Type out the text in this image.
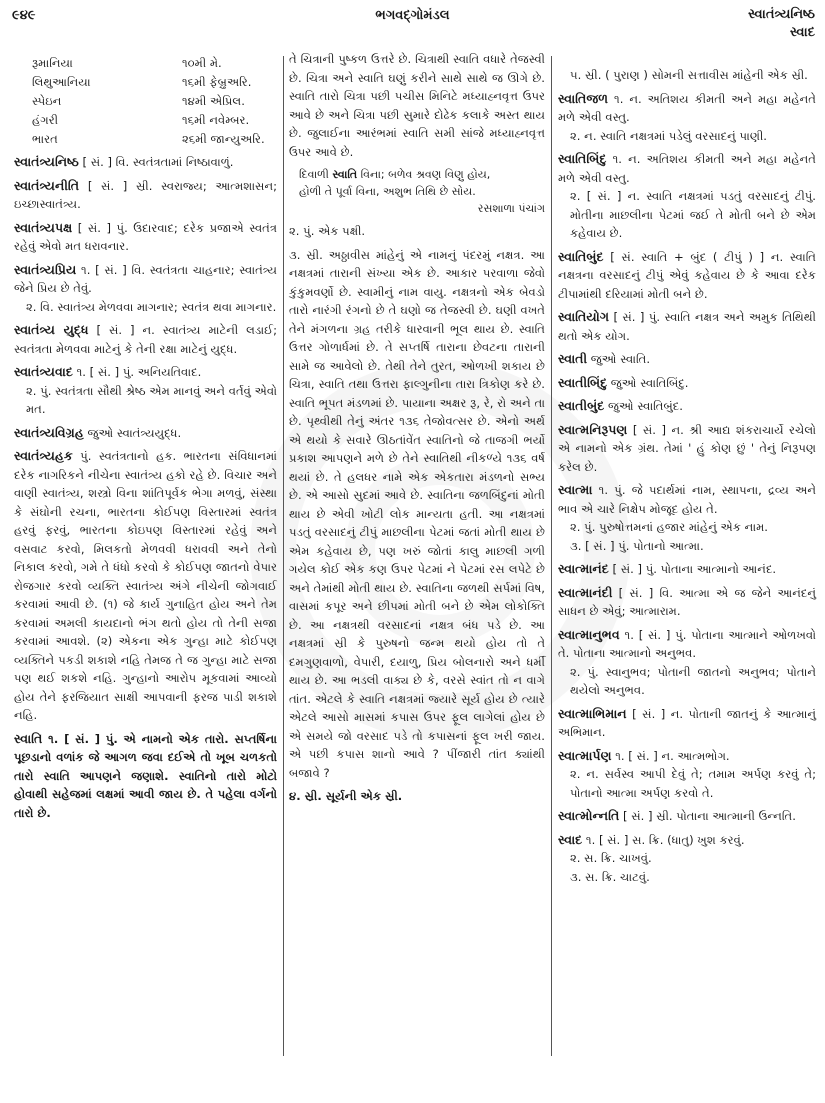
૯૪૯	ભગવદ્ગોમંડલ	સ્વાતંત્ર્યનિષ્ઠ
સ્વાદ
રૂમાનિયા	૧૦મી મે.
લિથુઆનિયા	૧૬મી ફેબ્રુઅરિ.
સ્પેઇન	૧૪મી એપ્રિલ.
હંગરી	૧૬મી નવેમ્બર.
ભારત	૨૬મી જાન્યુઅરિ.
સ્વાતંત્ર્યનિષ્ઠ [ સં. ] વિ. સ્વતંત્રતામાં નિષ્ઠાવાળું.
સ્વાતંત્ર્યનીતિ [ સં. ] સ્રી. સ્વરાજ્ય; આત્મશાસન; ઇચ્છાસ્વાતંત્ર્ય.
સ્વાતંત્ર્યપક્ષ [ સં. ] પું. ઉદારવાદ; દરેક પ્રજાએ સ્વતંત્ર રહેવું એવો મત ધરાવનાર.
સ્વાતંત્ર્યપ્રિય ૧. [ સં. ] વિ. સ્વતંત્રતા ચાહનાર; સ્વાતંત્ર્ય જેને પ્રિય છે તેવું.
૨. વિ. સ્વાતંત્ર્ય મેળવવા માગનાર; સ્વતંત્ર થવા માગનાર.
સ્વાતંત્ર્ય યુદ્ધ [ સં. ] ન. સ્વાતંત્ર્ય માટેની લડાઈ; સ્વતંત્રતા મેળવવા માટેનું કે તેની રક્ષા માટેનું યુદ્ધ.
સ્વાતંત્ર્યવાદ ૧. [ સં. ] પું. અનિયતિવાદ.
૨. પું. સ્વતંત્રતા સૌથી શ્રેષ્ઠ એમ માનવું અને વર્તવું એવો મત.
સ્વાતંત્ર્યવિગ્રહ જુઓ સ્વાતંત્ર્યયુદ્ધ.
સ્વાતંત્ર્યહક પું. સ્વતંત્રતાનો હક. ભારતના સંવિધાનમાં દરેક નાગરિકને નીચેના સ્વાતંત્ર્ય હકો રહે છે. વિચાર અને વાણી સ્વાતંત્ર્ય, શસ્ત્રો વિના શાંતિપૂર્વક ભેગા મળવું, સંસ્થા કે સંઘોની રચના, ભારતના કોઈપણ વિસ્તારમાં સ્વતંત્ર હરવું ફરવું, ભારતના કોઇપણ વિસ્તારમાં રહેવું અને વસવાટ કરવો, મિલકતો મેળવવી ધરાવવી અને તેનો નિકાલ કરવો, ગમે તે ધંધો કરવો કે કોઈપણ જાતનો વેપાર રોજગાર કરવો વ્યક્તિ સ્વાતંત્ર્ય અંગે નીચેની જોગવાઈ કરવામાં આવી છે. (૧) જે કાર્ય ગુનાહિત હોય અને તેમ કરવામાં અમલી કાયદાનો ભંગ થતો હોય તો તેની સજા કરવામાં આવશે. (૨) એકના એક ગુન્હા માટે કોઈપણ વ્યક્તિને પકડી શકાશે નહિ તેમજ તે જ ગુન્હા માટે સજા પણ થઈ શકશે નહિ. ગુન્હાનો આરોપ મૂકવામાં આવ્યો હોય તેને ફરજિયાત સાક્ષી આપવાની ફરજ પાડી શકાશે નહિ.
સ્વાતિ ૧. [ સં. ] પું. એ નામનો એક તારો. સપ્તર્ષિના પૂછડાનો વળાંક જે આગળ જવા દઈએ તો ખૂબ ચળકતો તારો સ્વાતિ આપણને જણાશે. સ્વાતિનો તારો મોટો હોવાથી સહેજમાં લક્ષમાં આવી જાય છે. તે પહેલા વર્ગનો તારો છે.
તે ચિત્રાની પુષ્કળ ઉત્તરે છે. ચિત્રાથી સ્વાતિ વધારે તેજસ્વી છે. ચિત્રા અને સ્વાતિ ઘણું કરીને સાથે સાથે જ ઊગે છે. સ્વાતિ તારો ચિત્રા પછી પચીસ મિનિટે મધ્યાહ્નવૃત્ત ઉપર આવે છે અને ચિત્રા પછી સુમારે દોઢેક કલાકે અસ્ત થાય છે. જુલાઈના આરંભમાં સ્વાતિ સમી સાંજે મધ્યાહ્નવૃત્ત ઉપર આવે છે.
દિવાળી સ્વાતિ વિના; બળેવ શ્રવણ વિણુ હોય,
હોળી તે પૂર્વા વિના, અશુભ તિથિ છે સોય.
રસશાળા પંચાંગ
૨. પું. એક પક્ષી.
૩. સ્રી. અઠ્ઠાવીસ માંહેનું એ નામનું પંદરમું નક્ષત્ર. આ નક્ષત્રમાં તારાની સંખ્યા એક છે. આકાર પરવાળા જેવો કુંકુમવર્ણો છે. સ્વામીનું નામ વાયુ. નક્ષત્રનો એક બેવડો તારો નારંગી રંગનો છે તે ઘણો જ તેજસ્વી છે. ઘણી વખતે તેને મંગળના ગ્રહ તરીકે ધારવાની ભૂલ થાય છે. સ્વાતિ ઉત્તર ગોળાર્ધમાં છે. તે સપ્તર્ષિ તારાના છેવટના તારાની સામે જ આવેલો છે. તેથી તેને તુરત, ઓળખી શકાય છે ચિત્રા, સ્વાતિ તથા ઉત્તરા ફાલ્ગુનીના તારા ત્રિકોણ કરે છે. સ્વાતિ ભૂપત મંડળમાં છે. પાયાના અક્ષર રૂ, રે, રો અને તા છે. પૃથ્વીથી તેનું અંતર ૧૩૬ તેજોવત્સર છે. એનો અર્થ એ થયો કે સવારે ઊઠતાંવેંત સ્વાતિનો જે તાજગી ભર્યો પ્રકાશ આપણને મળે છે તેને સ્વાતિથી નીકળ્યે ૧૩૬ વર્ષ થયાં છે. તે હલધર નામે એક એકતારા મંડળનો સભ્ય છે. એ આસો સુદમાં આવે છે. સ્વાતિના જળબિંદુનાં મોતી થાય છે એવી ખોટી લોક માન્યતા હતી. આ નક્ષત્રમાં પડતું વરસાદનું ટીપું માછલીના પેટમાં જતાં મોતી થાય છે એમ કહેવાય છે, પણ ખરું જોતાં કાલુ માછલી ગળી ગયેલ કોઈ એક કણ ઉપર પેટમાં ને પેટમાં રસ લપેટે છે અને તેમાંથી મોતી થાય છે. સ્વાતિના જળથી સર્પમાં વિષ, વાસમાં કપૂર અને છીપમાં મોતી બને છે એમ લોકોક્તિ છે. આ નક્ષત્રથી વરસાદનાં નક્ષત્ર બંધ પડે છે. આ નક્ષત્રમાં સ્રી કે પુરુષનો જન્મ થયો હોય તો તે દમગુણવાળો, વેપારી, દયાળુ, પ્રિય બોલનારો અને ધર્મી થાય છે. આ ભડલી વાક્ય છે કે, વરસે સ્વાંત તો ન વાગે તાંત. એટલે કે સ્વાતિ નક્ષત્રમાં જ્યારે સૂર્ય હોય છે ત્યારે એટલે આસો માસમાં કપાસ ઉપર ફૂલ લાગેલાં હોય છે એ સમયે જો વરસાદ પડે તો કપાસનાં ફૂલ ખરી જાય. એ પછી કપાસ શાનો આવે ? પીંજારી તાંત ક્યાંથી બજાવે ?
૪. સ્રી. સૂર્યની એક સ્રી.
૫. સ્રી. ( પુરાણ ) સોમની સત્તાવીસ માંહેની એક સ્રી.
સ્વાતિજળ ૧. ન. અતિશય કીમતી અને મહા મહેનતે મળે એવી વસ્તુ.
૨. ન. સ્વાતિ નક્ષત્રમાં પડેલું વરસાદનું પાણી.
સ્વાતિબિંદુ ૧. ન. અતિશય કીમતી અને મહા મહેનતે મળે એવી વસ્તુ.
૨. [ સં. ] ન. સ્વાતિ નક્ષત્રમાં પડતું વરસાદનું ટીપું. મોતીના માછલીના પેટમાં જઈ તે મોતી બને છે એમ કહેવાય છે.
સ્વાતિબુંદ [ સં. સ્વાતિ + બુંદ ( ટીપું ) ] ન. સ્વાતિ નક્ષત્રના વરસાદનું ટીપું એવું કહેવાય છે કે આવા દરેક ટીપામાંથી દરિયામાં મોતી બને છે.
સ્વાતિયોગ [ સં. ] પું. સ્વાતિ નક્ષત્ર અને અમુક તિથિથી થતો એક યોગ.
સ્વાતી જુઓ સ્વાતિ.
સ્વાતીબિંદુ જુઓ સ્વાતિબિંદુ.
સ્વાતીબુંદ જુઓ સ્વાતિબુંદ.
સ્વાત્મનિરૂપણ [ સં. ] ન. શ્રી આદ્ય શંકરાચાર્યે રચેલો એ નામનો એક ગ્રંથ. તેમાં ' હું કોણ છું ' તેનું નિરૂપણ કરેલ છે.
સ્વાત્મા ૧. પું. જે પદાર્થમાં નામ, સ્થાપના, દ્રવ્ય અને ભાવ એ ચારે નિક્ષેપ મોજૂદ હોય તે.
૨. પું. પુરુષોત્તમનાં હજાર માંહેનું એક નામ.
૩. [ સં. ] પું. પોતાનો આત્મા.
સ્વાત્માનંદ [ સં. ] પું. પોતાના આત્માનો આનંદ.
સ્વાત્માનંદી [ સં. ] વિ. આત્મા એ જ જેને આનંદનું સાધન છે એવું; આત્મારામ.
સ્વાત્માનુભવ ૧. [ સં. ] પું. પોતાના આત્માને ઓળખવો તે. પોતાના આત્માનો અનુભવ.
૨. પું. સ્વાનુભવ; પોતાની જાતનો અનુભવ; પોતાને થયેલો અનુભવ.
સ્વાત્માભિમાન [ સં. ] ન. પોતાની જાતનું કે આત્માનું અભિમાન.
સ્વાત્માર્પણ ૧. [ સં. ] ન. આત્મભોગ.
૨. ન. સર્વસ્વ આપી દેવું તે; તમામ અર્પણ કરવું તે; પોતાનો આત્મા અર્પણ કરવો તે.
સ્વાત્મોન્નતિ [ સં. ] સ્રી. પોતાના આત્માની ઉન્નતિ.
સ્વાદ ૧. [ સં. ] સ. ક્રિ. (ધાતુ) ખુશ કરવું.
૨. સ. ક્રિ. ચાખવું.
૩. સ. ક્રિ. ચાટવું.
